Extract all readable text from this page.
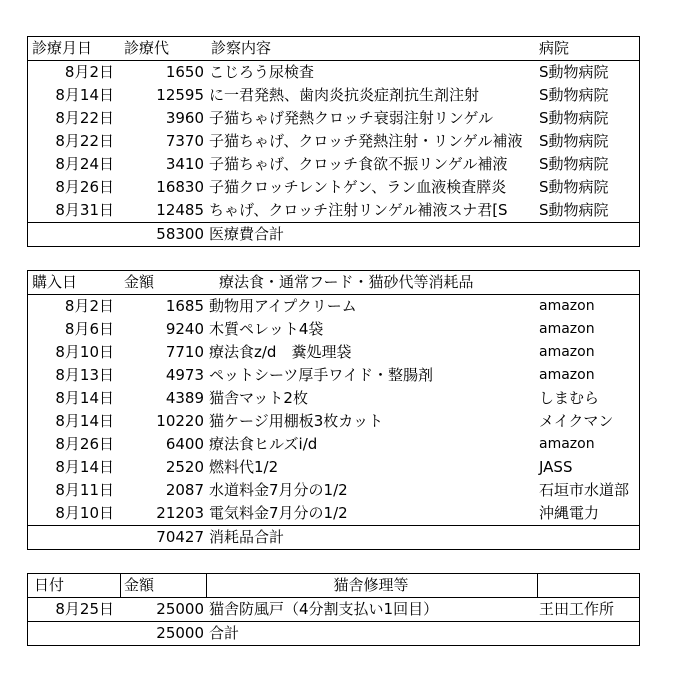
診療月日 診療代	診察内容	病院
8月2日	1650 こじろう尿検査	S動物病院
8月14日	12595 に一君発熱、歯肉炎抗炎症剤抗生剤注射	S動物病院
8月22日	3960 子猫ちゃげ発熱クロッチ衰弱注射リンゲル	S動物病院
8月22日	7370 子猫ちゃげ、クロッチ発熱注射・リンゲル補液	S動物病院
8月24日	3410 子猫ちゃげ、クロッチ食欲不振リンゲル補液	S動物病院
8月26日	16830 子猫クロッチレントゲン、ラン血液検査膵炎	S動物病院
8月31日	12485 ちゃげ、クロッチ注射リンゲル補液スナ君[S	S動物病院
58300 医療費合計
購入日	金額	療法食・通常フード・猫砂代等消耗品
8月2日	1685 動物用アイプクリーム	amazon
8月6日	9240 木質ペレット4袋	amazon
8月10日	7710 療法食z/d　糞処理袋	amazon
8月13日	4973 ペットシーツ厚手ワイド・整腸剤	amazon
8月14日	4389 猫舎マット2枚	しまむら
8月14日	10220 猫ケージ用棚板3枚カット	メイクマン
8月26日	6400 療法食ヒルズi/d	amazon
8月14日	2520 燃料代1/2	JASS
8月11日	2087 水道料金7月分の1/2	石垣市水道部
8月10日	21203 電気料金7月分の1/2	沖縄電力
70427 消耗品合計
日付	金額	猫舎修理等
8月25日	25000 猫舎防風戸（4分割支払い1回目）	王田工作所
25000 合計
